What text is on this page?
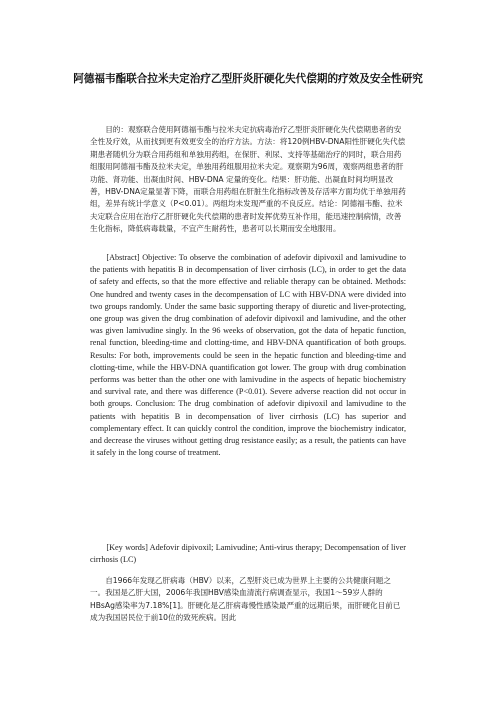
阿德福韦酯联合拉米夫定治疗乙型肝炎肝硬化失代偿期的疗效及安全性研究

目的：观察联合使用阿德福韦酯与拉米夫定抗病毒治疗乙型肝炎肝硬化失代偿期患者的安全性及疗效，从而找到更有效更安全的治疗方法。方法：将120例HBV-DNA阳性肝硬化失代偿期患者随机分为联合用药组和单独用药组，在保肝、利尿、支持等基础治疗的同时，联合用药组服用阿德福韦酯及拉米夫定，单独用药组服用拉米夫定。观察期为96周，观察两组患者的肝功能、肾功能、出凝血时间、HBV-DNA 定量的变化。结果：肝功能、出凝血时间均明显改善，HBV-DNA定量显著下降，而联合用药组在肝脏生化指标改善及存活率方面均优于单独用药组，差异有统计学意义（P<0.01）。两组均未发现严重的不良反应。结论：阿德福韦酯、拉米夫定联合应用在治疗乙肝肝硬化失代偿期的患者时发挥优势互补作用，能迅速控制病情，改善生化指标，降低病毒载量，不宜产生耐药性，患者可以长期而安全地服用。

[Abstract] Objective: To observe the combination of adefovir dipivoxil and lamivudine to the patients with hepatitis B in decompensation of liver cirrhosis (LC), in order to get the data of safety and effects, so that the more effective and reliable therapy can be obtained. Methods: One hundred and twenty cases in the decompensation of LC with HBV-DNA were divided into two groups randomly. Under the same basic supporting therapy of diuretic and liver-protecting, one group was given the drug combination of adefovir dipivoxil and lamivudine, and the other was given lamivudine singly. In the 96 weeks of observation, got the data of hepatic function, renal function, bleeding-time and clotting-time, and HBV-DNA quantification of both groups. Results: For both, improvements could be seen in the hepatic function and bleeding-time and clotting-time, while the HBV-DNA quantification got lower. The group with drug combination performs was better than the other one with lamivudine in the aspects of hepatic biochemistry and survival rate, and there was difference (P<0.01). Severe adverse reaction did not occur in both groups. Conclusion: The drug combination of adefovir dipivoxil and lamivudine to the patients with hepatitis B in decompensation of liver cirrhosis (LC) has superior and complementary effect. It can quickly control the condition, improve the biochemistry indicator, and decrease the viruses without getting drug resistance easily; as a result, the patients can have it safely in the long course of treatment.

[Key words] Adefovir dipivoxil; Lamivudine; Anti-virus therapy; Decompensation of liver cirrhosis (LC)

自1966年发现乙肝病毒（HBV）以来，乙型肝炎已成为世界上主要的公共健康问题之一。我国是乙肝大国，2006年我国HBV感染血清流行病调查显示，我国1～59岁人群的HBsAg感染率为7.18%[1]。肝硬化是乙肝病毒慢性感染最严重的远期后果，而肝硬化目前已成为我国居民位于前10位的致死疾病。因此
